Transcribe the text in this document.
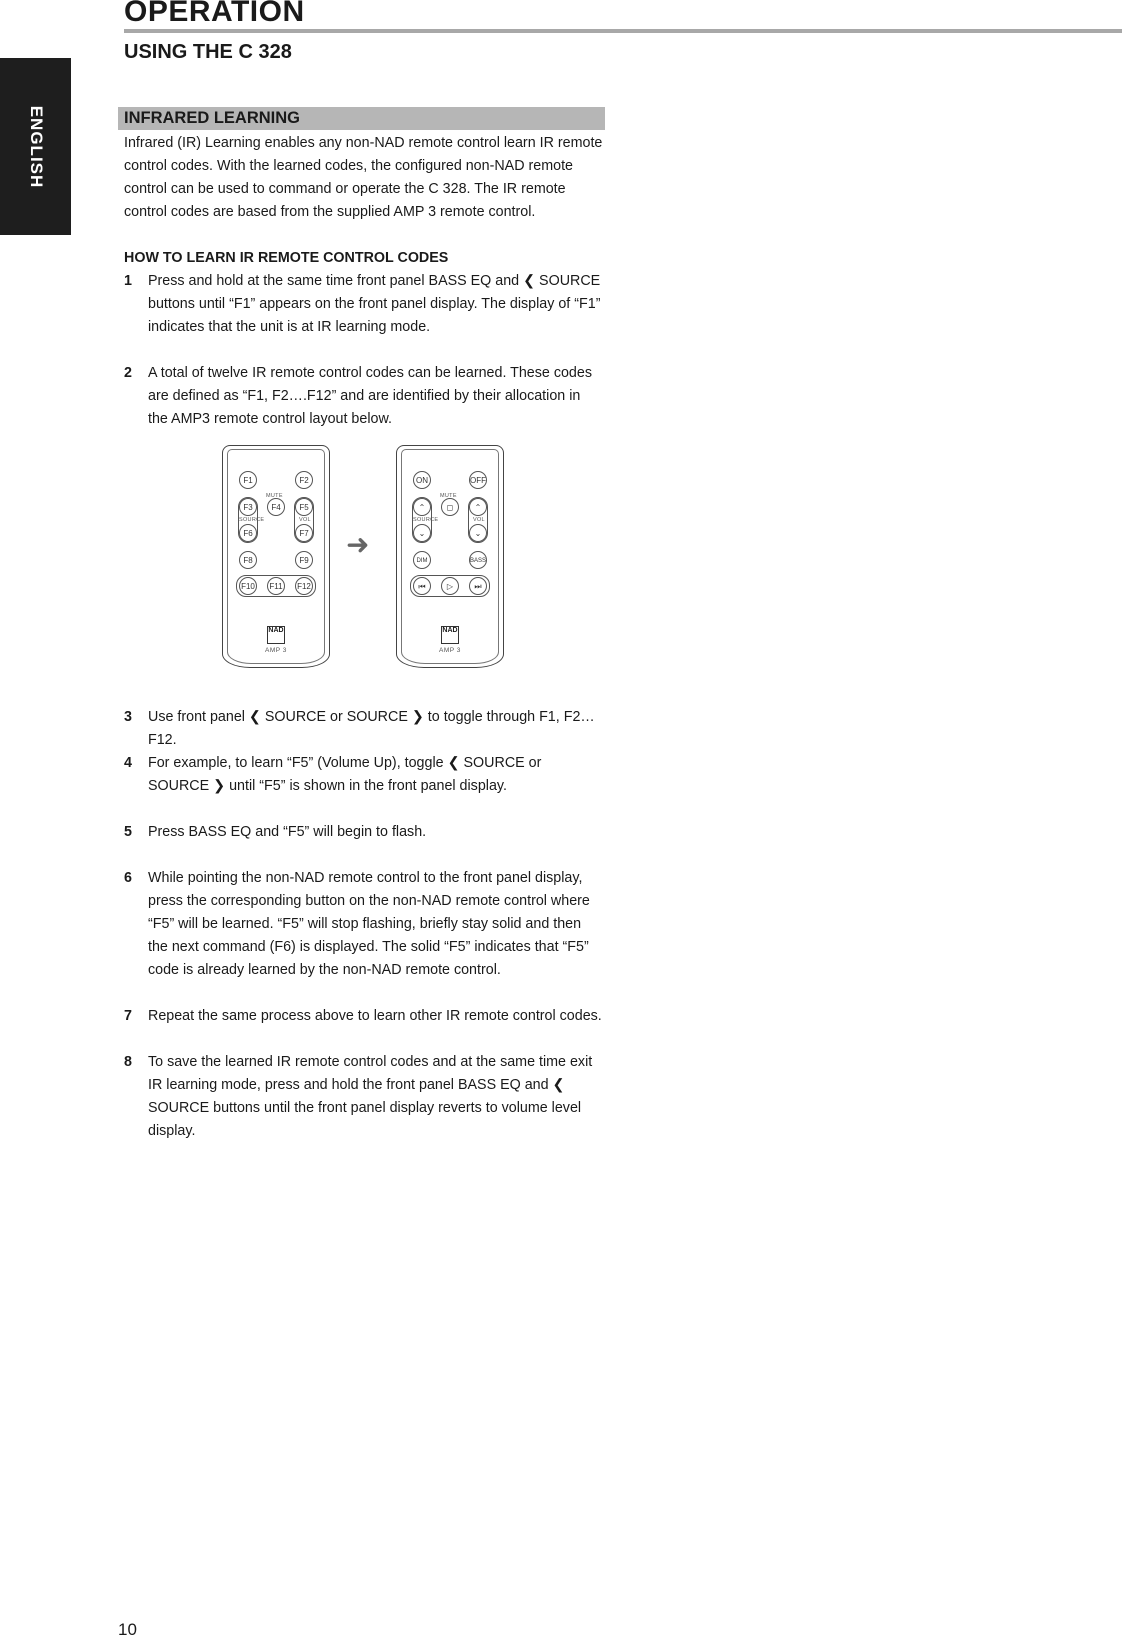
OPERATION
USING THE C 328
ENGLISH	INFRARED LEARNING

Infrared (IR) Learning enables any non-NAD remote control learn IR remote control codes. With the learned codes, the configured non-NAD remote control can be used to command or operate the C 328. The IR remote control codes are based from the supplied AMP 3 remote control.

HOW TO LEARN IR REMOTE CONTROL CODES

1 Press and hold at the same time front panel BASS EQ and ❮ SOURCE buttons until “F1” appears on the front panel display. The display of “F1” indicates that the unit is at IR learning mode.
2 A total of twelve IR remote control codes can be learned. These codes are defined as “F1, F2….F12” and are identified by their allocation in the AMP3 remote control layout below.
F1	F2
MUTE
F3	F4	F5
SOURCE	VOL
F6	F7
F8	F9
F10 F11	F12
NAD
AMP 3
➜
ON	OFF
MUTE
⌃	◻	⌃
SOURCE	VOL
⌄	⌄
DIM	BASS
⏮	▷	⏭
NAD
AMP 3
3 Use front panel ❮ SOURCE or SOURCE ❯ to toggle through F1, F2…F12.
4 For example, to learn “F5” (Volume Up), toggle ❮ SOURCE or SOURCE ❯ until “F5” is shown in the front panel display.
5 Press BASS EQ and “F5” will begin to flash.
6 While pointing the non-NAD remote control to the front panel display, press the corresponding button on the non-NAD remote control where “F5” will be learned. “F5” will stop flashing, briefly stay solid and then the next command (F6) is displayed. The solid “F5” indicates that “F5” code is already learned by the non-NAD remote control.
7 Repeat the same process above to learn other IR remote control codes.
8 To save the learned IR remote control codes and at the same time exit IR learning mode, press and hold the front panel BASS EQ and ❮ SOURCE buttons until the front panel display reverts to volume level display.
10
